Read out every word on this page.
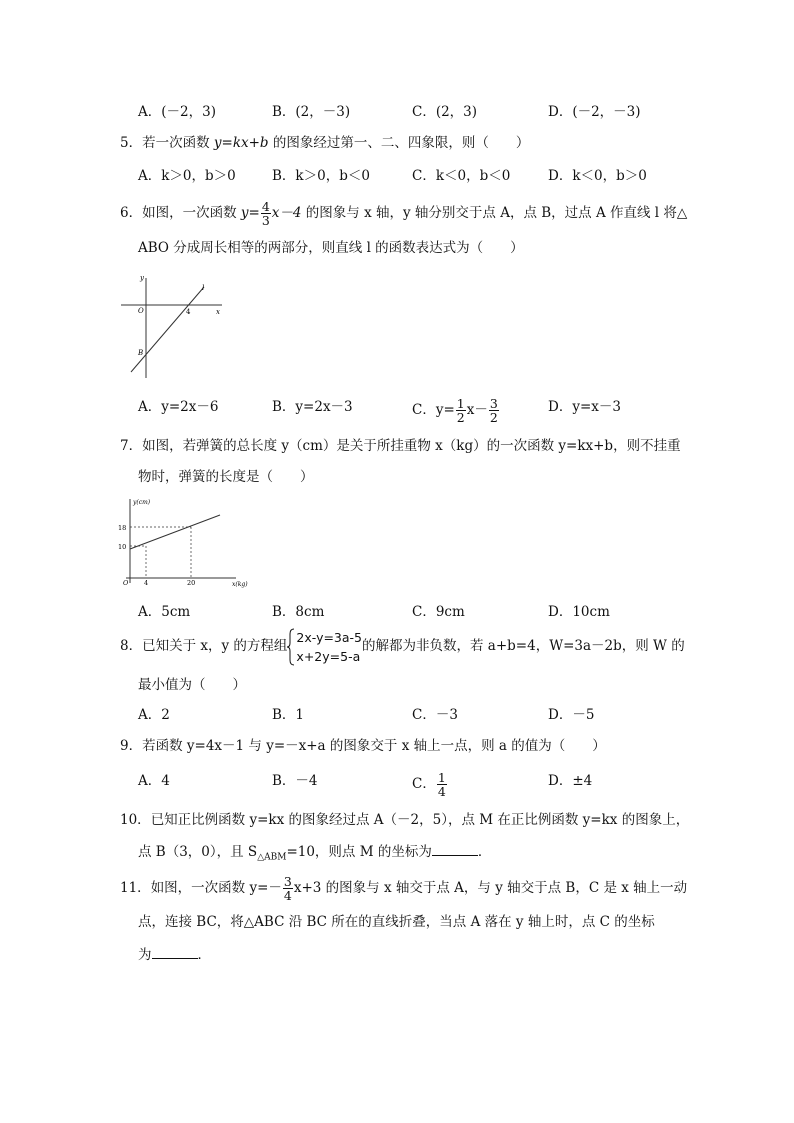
A．(－2，3)	B．(2，－3)	C．(2，3)	D．(－2，－3)
5．若一次函数 y=kx+b 的图象经过第一、二、四象限，则（　　）
A．k＞0，b＞0	B．k＞0，b＜0	C．k＜0，b＜0	D．k＜0，b＞0
6．如图，一次函数 $y= \frac{4}{3} x-4$ 的图象与 x 轴，y 轴分别交于点 A，点 B，过点 A 作直线 l 将△
ABO 分成周长相等的两部分，则直线 l 的函数表达式为（　　）
y
x
O	4
B
l
A．y=2x－6	B．y=2x－3	C．$y= \frac{1}{2} x- \frac{3}{2}$	D．y=x－3
7．如图，若弹簧的总长度 y（cm）是关于所挂重物 x（kg）的一次函数 y=kx+b，则不挂重
物时，弹簧的长度是（　　）
y(cm)
x(kg)
O
18
10
4	20
A．5cm	B．8cm	C．9cm	D．10cm
8．已知关于 x，y 的方程组
2x-y=3a-5
x+2y=5-a
的解都为非负数，若 a+b=4，W=3a－2b，则 W 的
最小值为（　　）
A．2	B．1	C．－3	D．－5
9．若函数 y=4x－1 与 y=－x+a 的图象交于 x 轴上一点，则 a 的值为（　　）
A．4	B．－4	C． $\frac{1}{4}$	D．±4
10．已知正比例函数 y=kx 的图象经过点 A（－2，5），点 M 在正比例函数 y=kx 的图象上，
点 B（3，0），且 $S_{\triangle ABM}=10$，则点 M 的坐标为	．
11．如图，一次函数 $y=- \frac{3}{4} x+3$ 的图象与 x 轴交于点 A，与 y 轴交于点 B，C 是 x 轴上一动
点，连接 BC，将△ABC 沿 BC 所在的直线折叠，当点 A 落在 y 轴上时，点 C 的坐标
为	．
